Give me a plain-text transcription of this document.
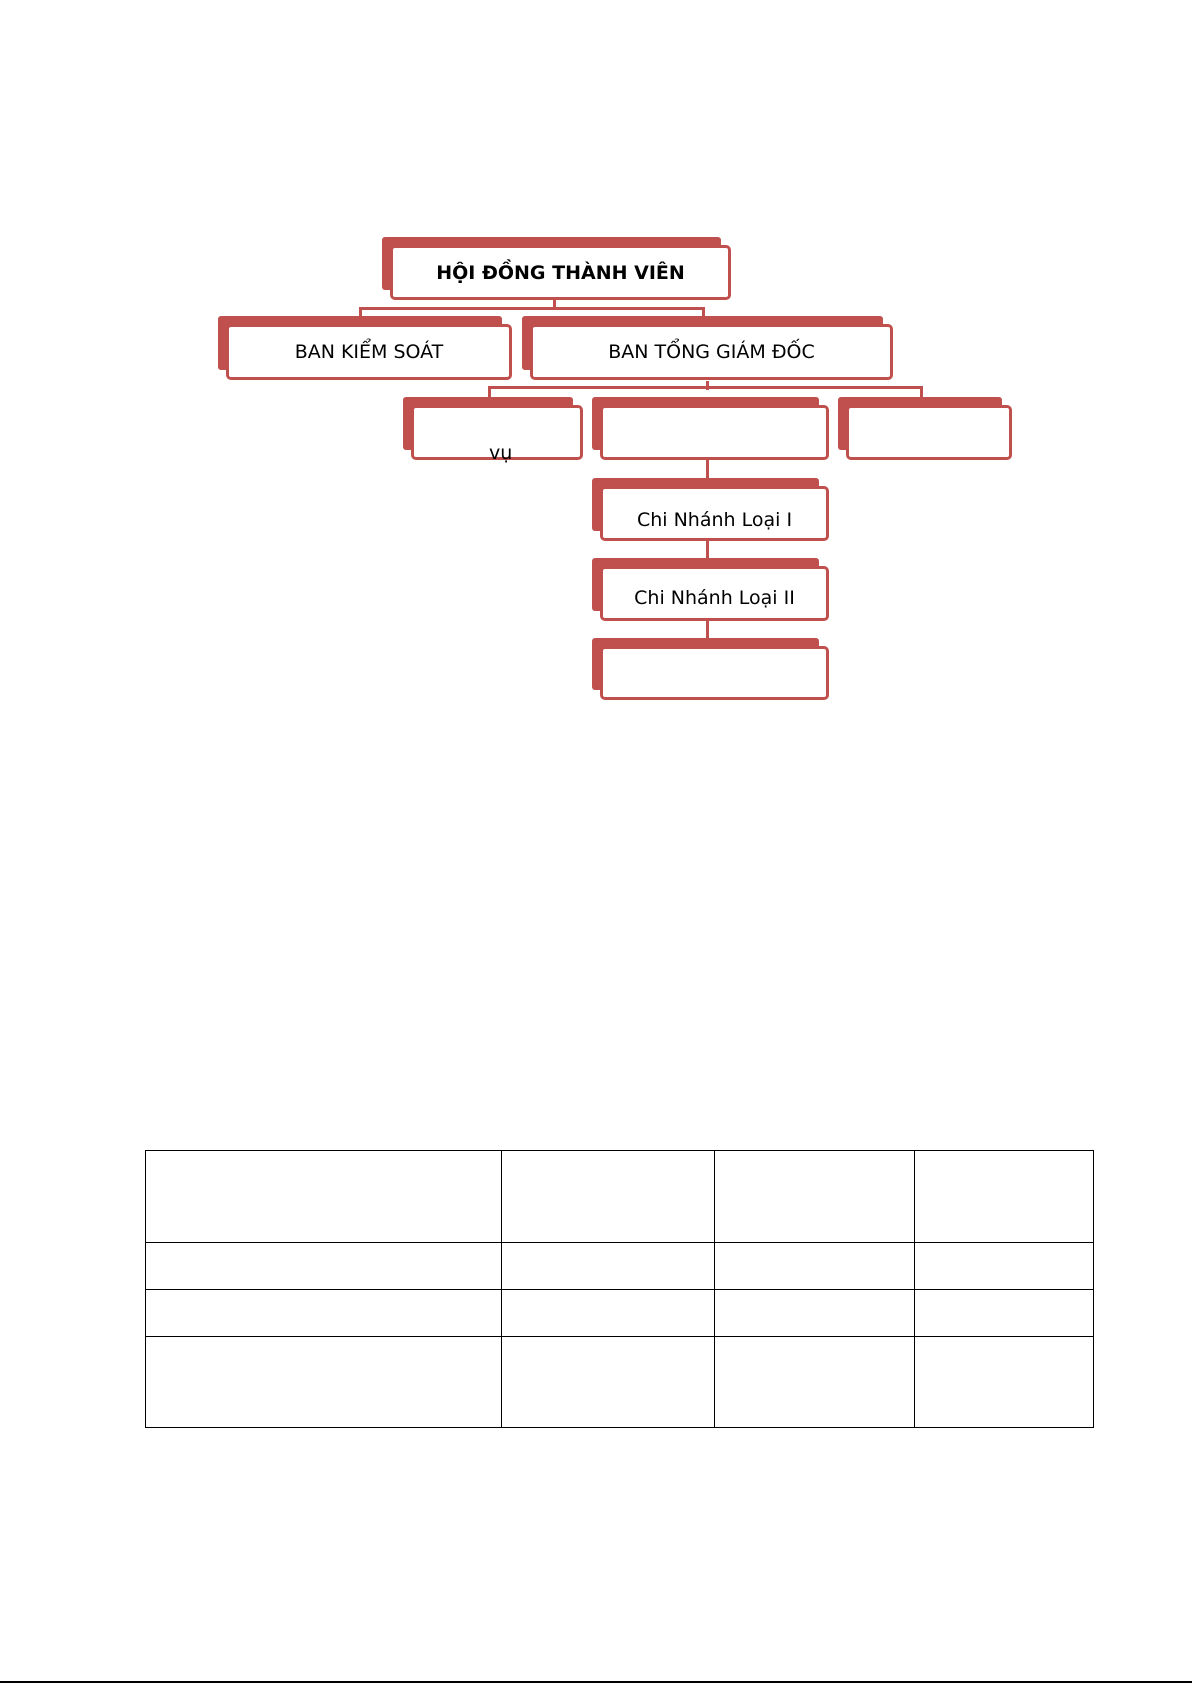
HỘI ĐỒNG THÀNH VIÊN
BAN KIỂM SOÁT	BAN TỔNG GIÁM ĐỐC
vụ
Chi Nhánh Loại I
Chi Nhánh Loại II
